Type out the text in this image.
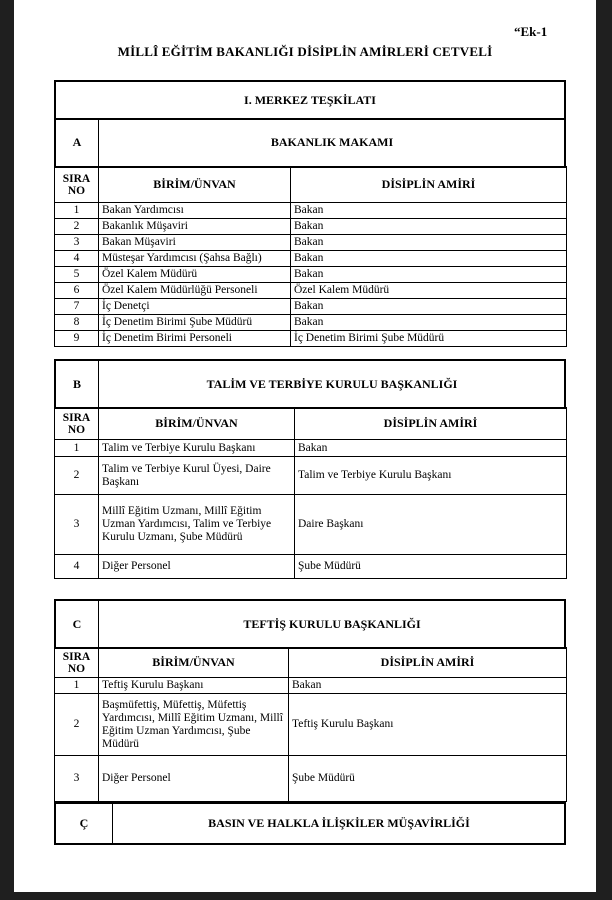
“Ek-1
MİLLÎ EĞİTİM BAKANLIĞI DİSİPLİN AMİRLERİ CETVELİ
I. MERKEZ TEŞKİLATI
A	BAKANLIK MAKAMI
SIRA
NO	BİRİM/ÜNVAN	DİSİPLİN AMİRİ
1	Bakan Yardımcısı	Bakan
2	Bakanlık Müşaviri	Bakan
3	Bakan Müşaviri	Bakan
4	Müsteşar Yardımcısı (Şahsa Bağlı)	Bakan
5	Özel Kalem Müdürü	Bakan
6	Özel Kalem Müdürlüğü Personeli	Özel Kalem Müdürü
7	İç Denetçi	Bakan
8	İç Denetim Birimi Şube Müdürü	Bakan
9	İç Denetim Birimi Personeli	İç Denetim Birimi Şube Müdürü
B	TALİM VE TERBİYE KURULU BAŞKANLIĞI
SIRA
NO	BİRİM/ÜNVAN	DİSİPLİN AMİRİ
1	Talim ve Terbiye Kurulu Başkanı	Bakan
2	Talim ve Terbiye Kurul Üyesi, Daire Başkanı	Talim ve Terbiye Kurulu Başkanı
3	Millî Eğitim Uzmanı, Millî Eğitim Uzman Yardımcısı, Talim ve Terbiye Kurulu Uzmanı, Şube Müdürü	Daire Başkanı
4	Diğer Personel	Şube Müdürü
C	TEFTİŞ KURULU BAŞKANLIĞI
SIRA
NO	BİRİM/ÜNVAN	DİSİPLİN AMİRİ
1	Teftiş Kurulu Başkanı	Bakan
2	Başmüfettiş, Müfettiş, Müfettiş Yardımcısı, Millî Eğitim Uzmanı, Millî Eğitim Uzman Yardımcısı, Şube Müdürü	Teftiş Kurulu Başkanı
3	Diğer Personel	Şube Müdürü
Ç	BASIN VE HALKLA İLİŞKİLER MÜŞAVİRLİĞİ
